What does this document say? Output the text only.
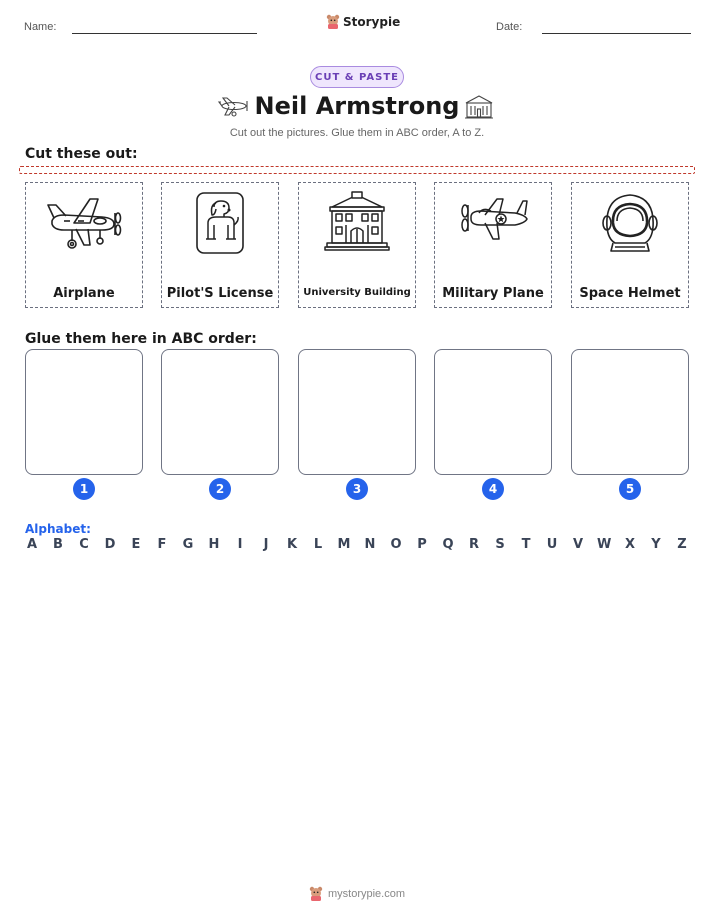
Name:	Storypie	Date:
CUT & PASTE
Neil Armstrong
Cut out the pictures. Glue them in ABC order, A to Z.
Cut these out:
Airplane	Pilot'S License	University Building	Military Plane	Space Helmet
Glue them here in ABC order:
1	2	3	4	5
Alphabet:
A B C D E F G H	I	J	K L M N O P Q R S T U V W X Y Z
mystorypie.com
